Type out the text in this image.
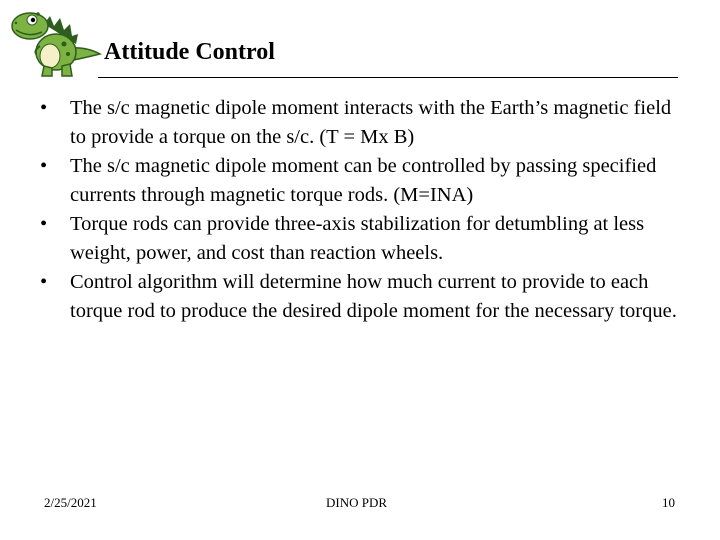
Attitude Control
• The s/c magnetic dipole moment interacts with the Earth’s magnetic field to provide a torque on the s/c. (T = Mx B)
• The s/c magnetic dipole moment can be controlled by passing specified currents through magnetic torque rods. (M=INA)
• Torque rods can provide three-axis stabilization for detumbling at less weight, power, and cost than reaction wheels.
• Control algorithm will determine how much current to provide to each torque rod to produce the desired dipole moment for the necessary torque.
2/25/2021	DINO PDR	10
